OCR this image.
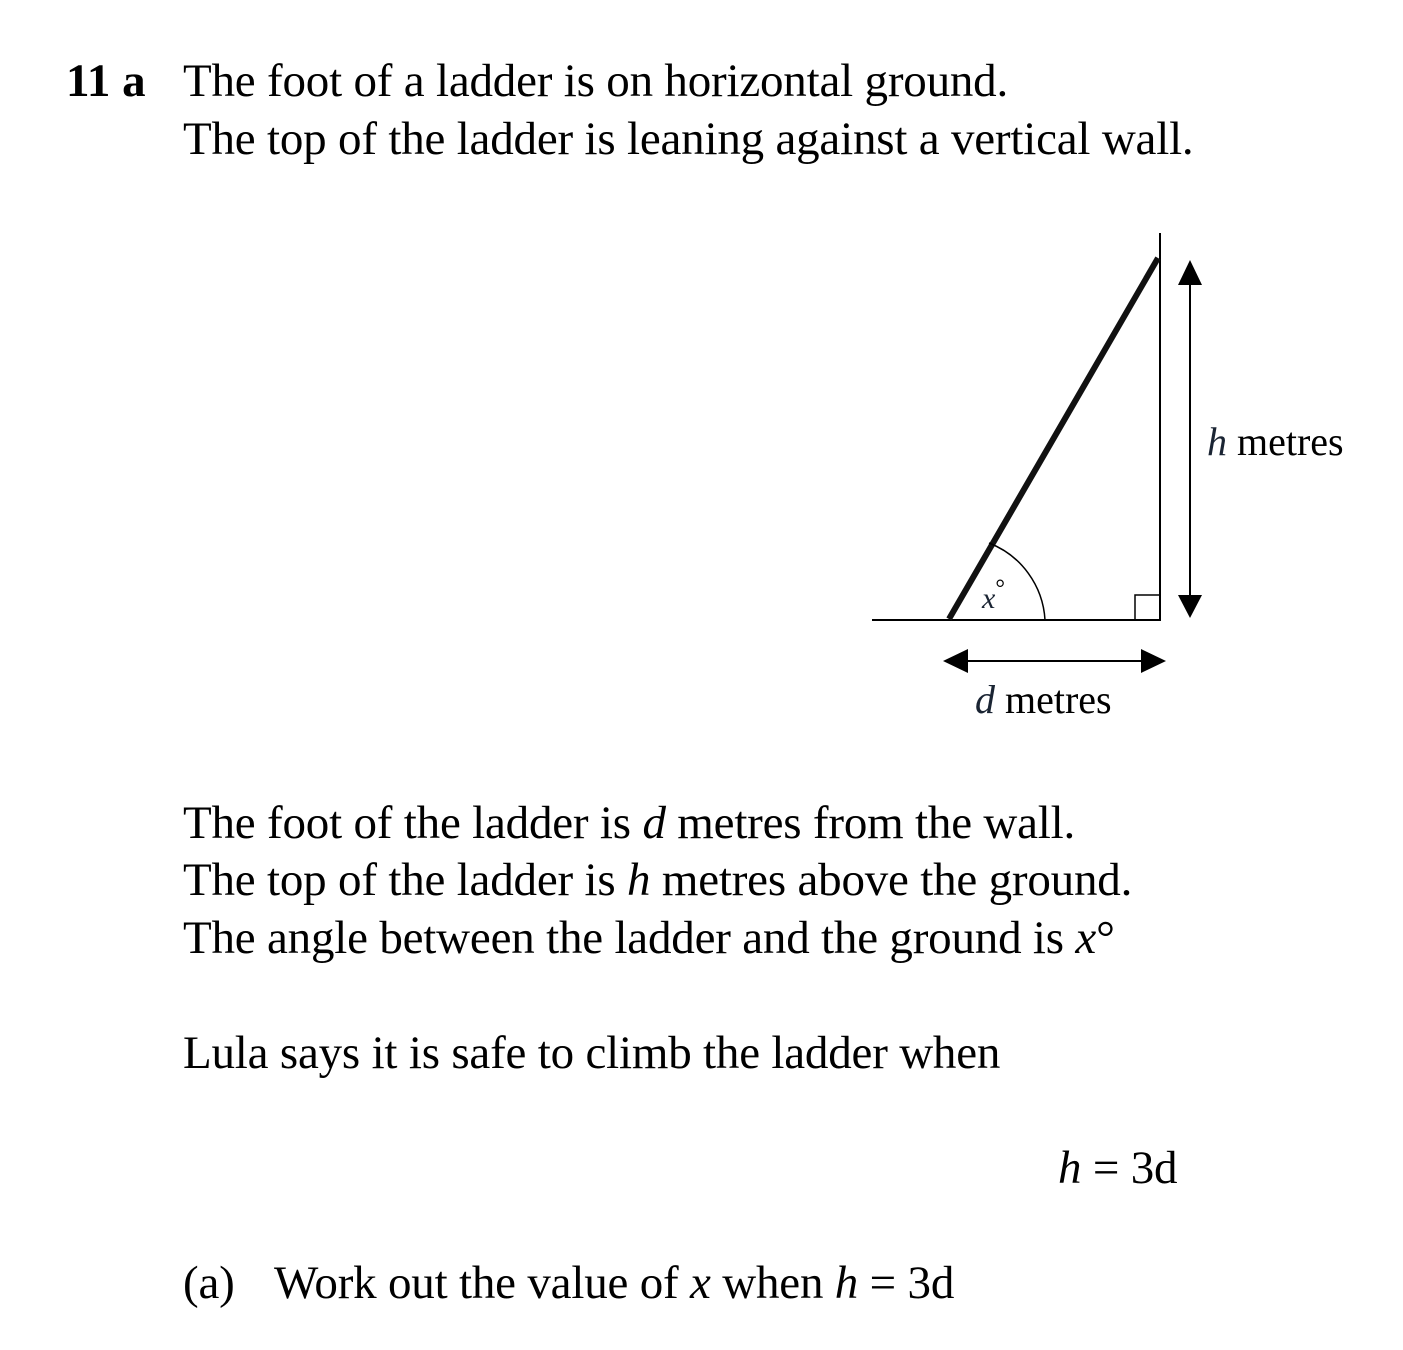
11 a The foot of a ladder is on horizontal ground.
The top of the ladder is leaning against a vertical wall.
h metres
d metres
x°
The foot of the ladder is d metres from the wall.
The top of the ladder is h metres above the ground.
The angle between the ladder and the ground is x°
Lula says it is safe to climb the ladder when
h = 3d
(a) Work out the value of x when h = 3d
